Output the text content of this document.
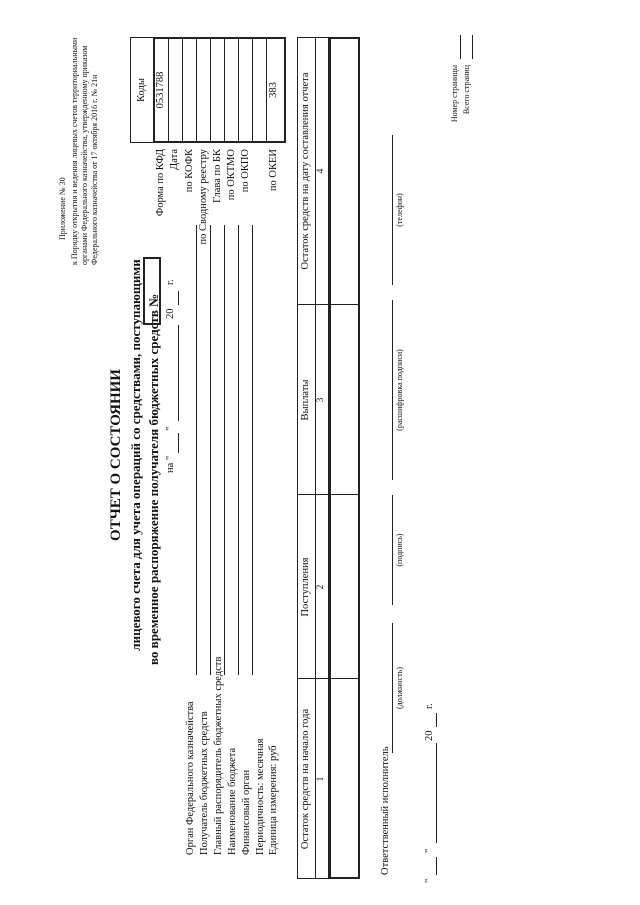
Приложение № 30 к Порядку открытия и ведения лицевых счетов территориальными органами Федерального казначейства, утвержденному приказом Федерального казначейства от 17 октября 2016 г. № 21н
ОТЧЕТ О СОСТОЯНИИ лицевого счета для учета операций со средствами, поступающими во временное распоряжение получателя бюджетных средств № на "
"
20
г.
Коды 0531788	383
Форма по КФД Дата по КОФК по Сводному реестру Глава по БК по ОКТМО по ОКПО по ОКЕИ
Орган Федерального казначейства Получатель бюджетных средств Главный распорядитель бюджетных средств Наименование бюджета Финансовый орган Периодичность: месячная Единица измерения: руб Остаток средств на начало года
Поступления
Выплаты
Остаток средств на дату составления отчета
1
2
3
4
Ответственный исполнитель
(должность)
(подпись)
(расшифровка подписи)
(телефон)
"
"
20
г.
Номер страницы Всего страниц
